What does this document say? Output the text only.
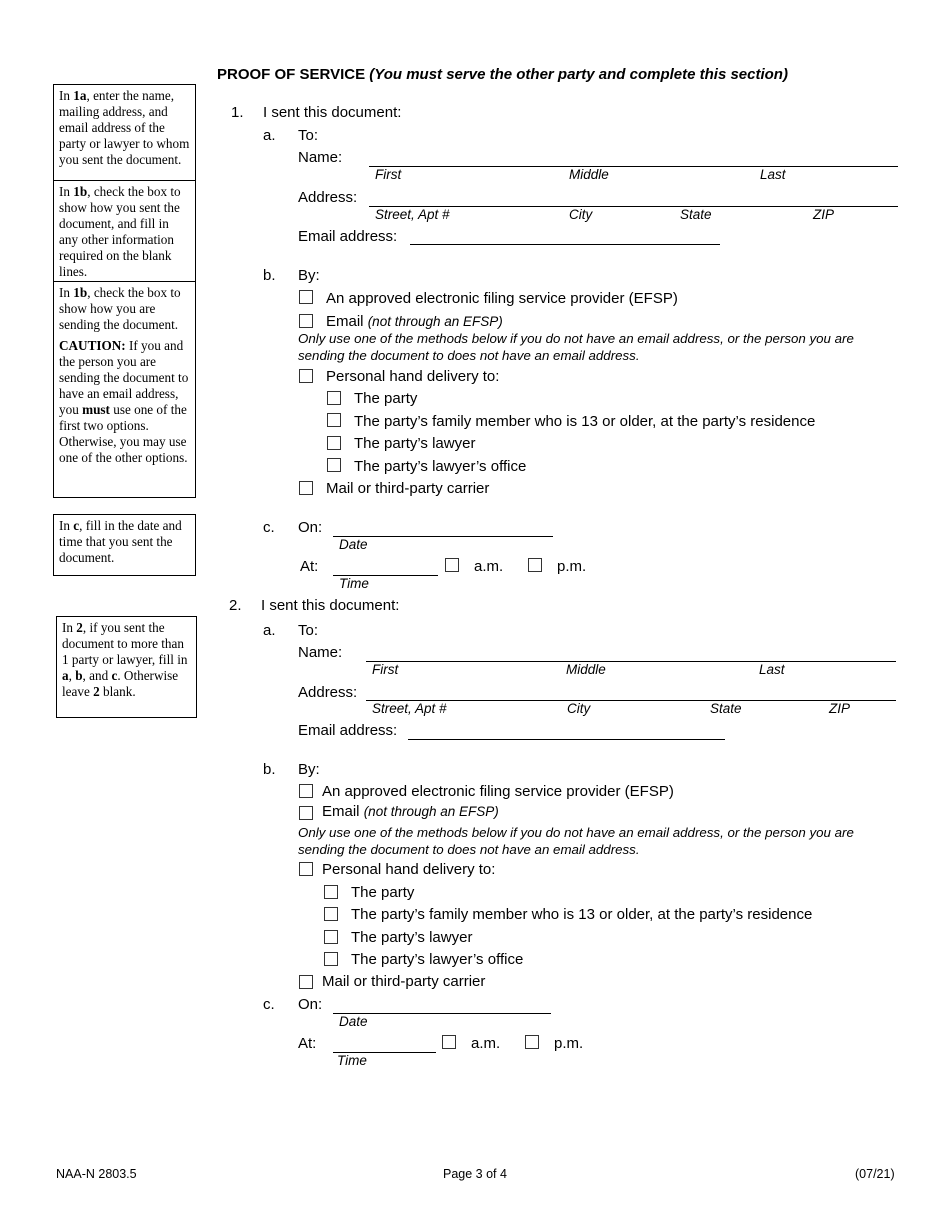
PROOF OF SERVICE (You must serve the other party and complete this section)
In 1a, enter the name, mailing address, and email address of the party or lawyer to whom you sent the document.
In 1b, check the box to show how you sent the document, and fill in any other information required on the blank lines.
In 1b, check the box to show how you are sending the document.
CAUTION: If you and the person you are sending the document to have an email address, you must use one of the first two options. Otherwise, you may use one of the other options.
In c, fill in the date and time that you sent the document.
In 2, if you sent the document to more than 1 party or lawyer, fill in a, b, and c. Otherwise leave 2 blank.
1. I sent this document:
a. To:
Name:
First	Middle	Last
Address:
Street, Apt #	City	State	ZIP
Email address:
b. By:
An approved electronic filing service provider (EFSP)
Email (not through an EFSP)
Only use one of the methods below if you do not have an email address, or the person you are sending the document to does not have an email address.
Personal hand delivery to:
The party
The party’s family member who is 13 or older, at the party’s residence
The party’s lawyer
The party’s lawyer’s office
Mail or third-party carrier
c. On:
Date
At:
Time
a.m.	p.m.
2. I sent this document:
a. To:
Name:
First	Middle	Last
Address:
Street, Apt #	City	State	ZIP
Email address:
b. By:
An approved electronic filing service provider (EFSP)
Email (not through an EFSP)
Only use one of the methods below if you do not have an email address, or the person you are sending the document to does not have an email address.
Personal hand delivery to:
The party
The party’s family member who is 13 or older, at the party’s residence
The party’s lawyer
The party’s lawyer’s office
Mail or third-party carrier
c. On:
Date
At:
Time
a.m.	p.m.
NAA-N 2803.5	Page 3 of 4	(07/21)
